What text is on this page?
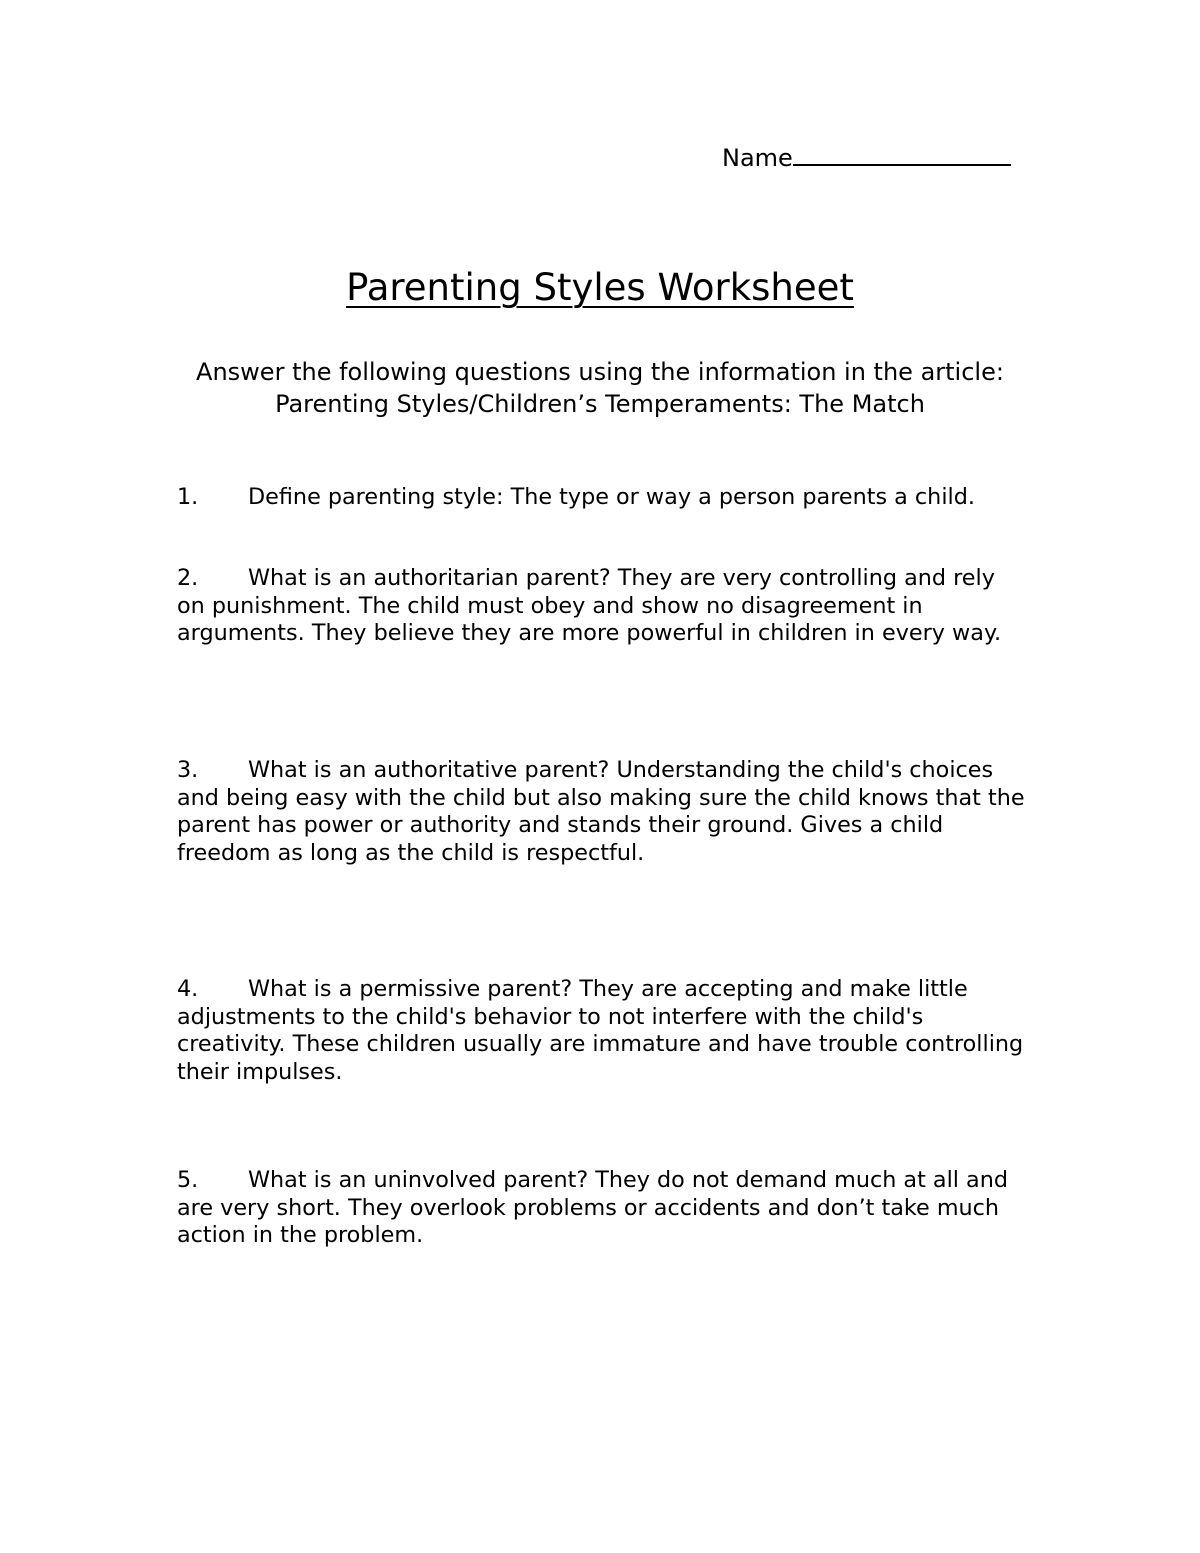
Name
Parenting Styles Worksheet
Answer the following questions using the information in the article: Parenting Styles/Children’s Temperaments: The Match
1. Define parenting style: The type or way a person parents a child.
2. What is an authoritarian parent? They are very controlling and rely on punishment. The child must obey and show no disagreement in arguments. They believe they are more powerful in children in every way.
3. What is an authoritative parent? Understanding the child's choices and being easy with the child but also making sure the child knows that the parent has power or authority and stands their ground. Gives a child freedom as long as the child is respectful.
4. What is a permissive parent? They are accepting and make little adjustments to the child's behavior to not interfere with the child's creativity. These children usually are immature and have trouble controlling their impulses.
5. What is an uninvolved parent? They do not demand much at all and are very short. They overlook problems or accidents and don’t take much action in the problem.
